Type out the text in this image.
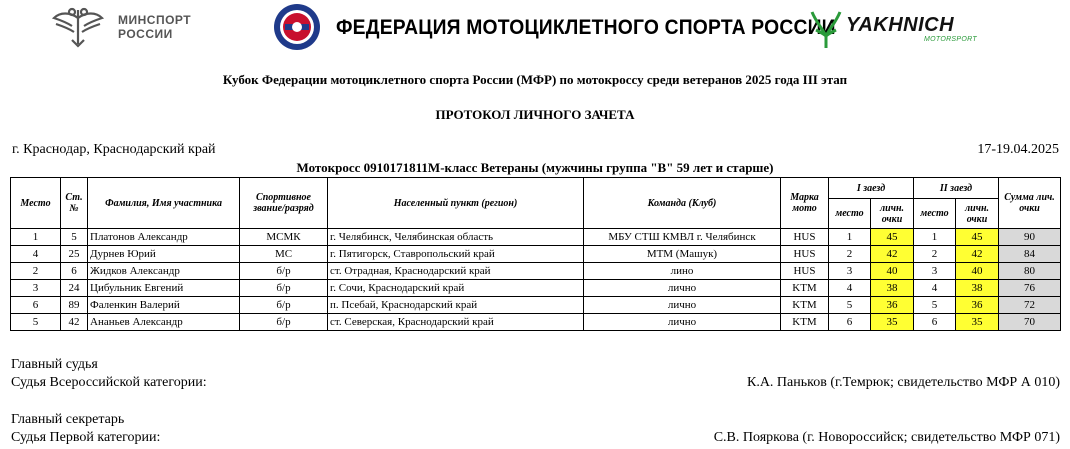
МИНСПОРТ
РОССИИ	ФЕДЕРАЦИЯ МОТОЦИКЛЕТНОГО СПОРТА РОССИИ YAKHNICH
MOTORSPORT
Кубок Федерации мотоциклетного спорта России (МФР) по мотокроссу среди ветеранов 2025 года III этап
ПРОТОКОЛ ЛИЧНОГО ЗАЧЕТА
г. Краснодар, Краснодарский край	17-19.04.2025
Мотокросс 0910171811М-класс Ветераны (мужчины группа "В" 59 лет и старше)
Место	Ст. №	Фамилия, Имя участника	Спортивное звание/разряд	Населенный пункт (регион)	Команда (Клуб)	Марка мото	I заезд		II заезд		Сумма лич. очки
							место	личн. очки	место	личн. очки	
1	5	Платонов Александр	МСМК	г. Челябинск, Челябинская область	МБУ СТШ КМВЛ г. Челябинск	HUS	1	45	1	45	90
4	25	Дурнев Юрий	МС	г. Пятигорск, Ставропольский край	МТМ (Машук)	HUS	2	42	2	42	84
2	6	Жидков Александр	б/р	ст. Отрадная, Краснодарский край	лино	HUS	3	40	3	40	80
3	24	Цибульник Евгений	б/р	г. Сочи, Краснодарский край	лично	KTM	4	38	4	38	76
6	89	Фаленкин Валерий	б/р	п. Псебай, Краснодарский край	лично	KTM	5	36	5	36	72
5	42	Ананьев Александр	б/р	ст. Северская, Краснодарский край	лично	KTM	6	35	6	35	70
Главный судья
Судья Всероссийской категории:	К.А. Паньков (г.Темрюк; свидетельство МФР А 010)
Главный секретарь
Судья Первой категории:	С.В. Пояркова (г. Новороссийск; свидетельство МФР 071)
